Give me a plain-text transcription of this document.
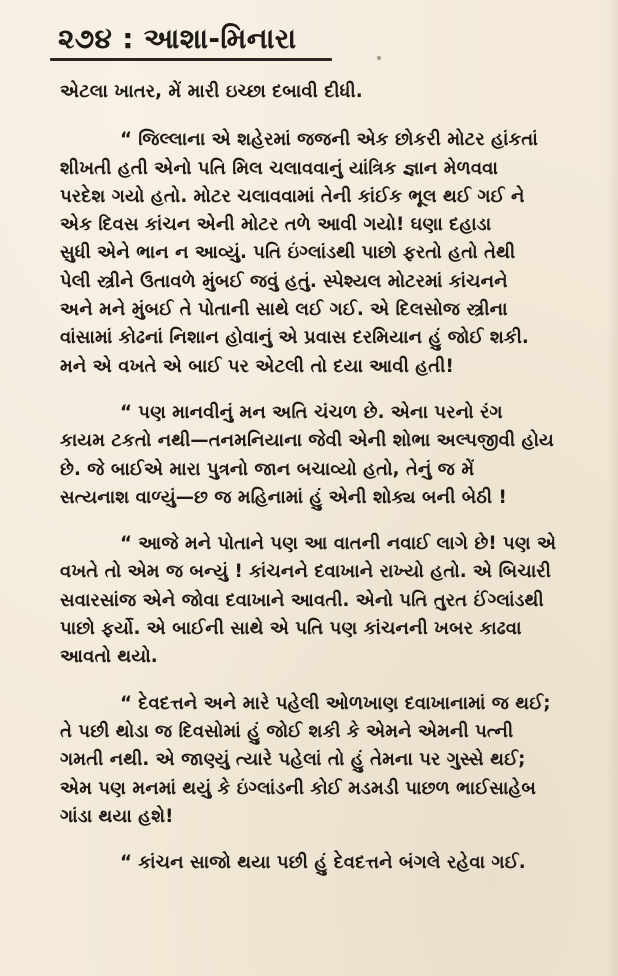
૨૭૪ : આશા-મિનારા
એટલા ખાતર, મેં મારી ઇચ્છા દબાવી દીધી.
“ જિલ્લાના એ શહેરમાં જજની એક છોકરી મોટર હાંકતાં
શીખતી હતી એનો પતિ મિલ ચલાવવાનું યાંત્રિક જ્ઞાન મેળવવા
પરદેશ ગયો હતો. મોટર ચલાવવામાં તેની કાંઈક ભૂલ થઈ ગઈ ને
એક દિવસ કાંચન એની મોટર તળે આવી ગયો! ઘણા દહાડા
સુધી એને ભાન ન આવ્યું. પતિ ઇંગ્લાંડથી પાછો ફરતો હતો તેથી
પેલી સ્ત્રીને ઉતાવળે મુંબઈ જવું હતું. સ્પેશ્યલ મોટરમાં કાંચનને
અને મને મુંબઈ તે પોતાની સાથે લઈ ગઈ. એ દિલસોજ સ્ત્રીના
વાંસામાં કોઢનાં નિશાન હોવાનું એ પ્રવાસ દરમિયાન હું જોઈ શકી.
મને એ વખતે એ બાઈ પર એટલી તો દયા આવી હતી!
“ પણ માનવીનું મન અતિ ચંચળ છે. એના પરનો રંગ
કાયમ ટકતો નથી—તનમનિયાના જેવી એની શોભા અલ્પજીવી હોય
છે. જે બાઈએ મારા પુત્રનો જાન બચાવ્યો હતો, તેનું જ મેં
સત્યનાશ વાળ્યું—છ જ મહિનામાં હું એની શોક્ય બની બેઠી !
“ આજે મને પોતાને પણ આ વાતની નવાઈ લાગે છે! પણ એ
વખતે તો એમ જ બન્યું ! કાંચનને દવાખાને રાખ્યો હતો. એ બિચારી
સવારસાંજ એને જોવા દવાખાને આવતી. એનો પતિ તુરત ઈંગ્લાંડથી
પાછો ફર્યો. એ બાઈની સાથે એ પતિ પણ કાંચનની ખબર કાઢવા
આવતો થયો.
“ દેવદત્તને અને મારે પહેલી ઓળખાણ દવાખાનામાં જ થઈ;
તે પછી થોડા જ દિવસોમાં હું જોઈ શકી કે એમને એમની પત્ની
ગમતી નથી. એ જાણ્યું ત્યારે પહેલાં તો હું તેમના પર ગુસ્સે થઈ;
એમ પણ મનમાં થયું કે ઇંગ્લાંડની કોઈ મડમડી પાછળ ભાઈસાહેબ
ગાંડા થયા હશે!
“ કાંચન સાજો થયા પછી હું દેવદત્તને બંગલે રહેવા ગઈ.
